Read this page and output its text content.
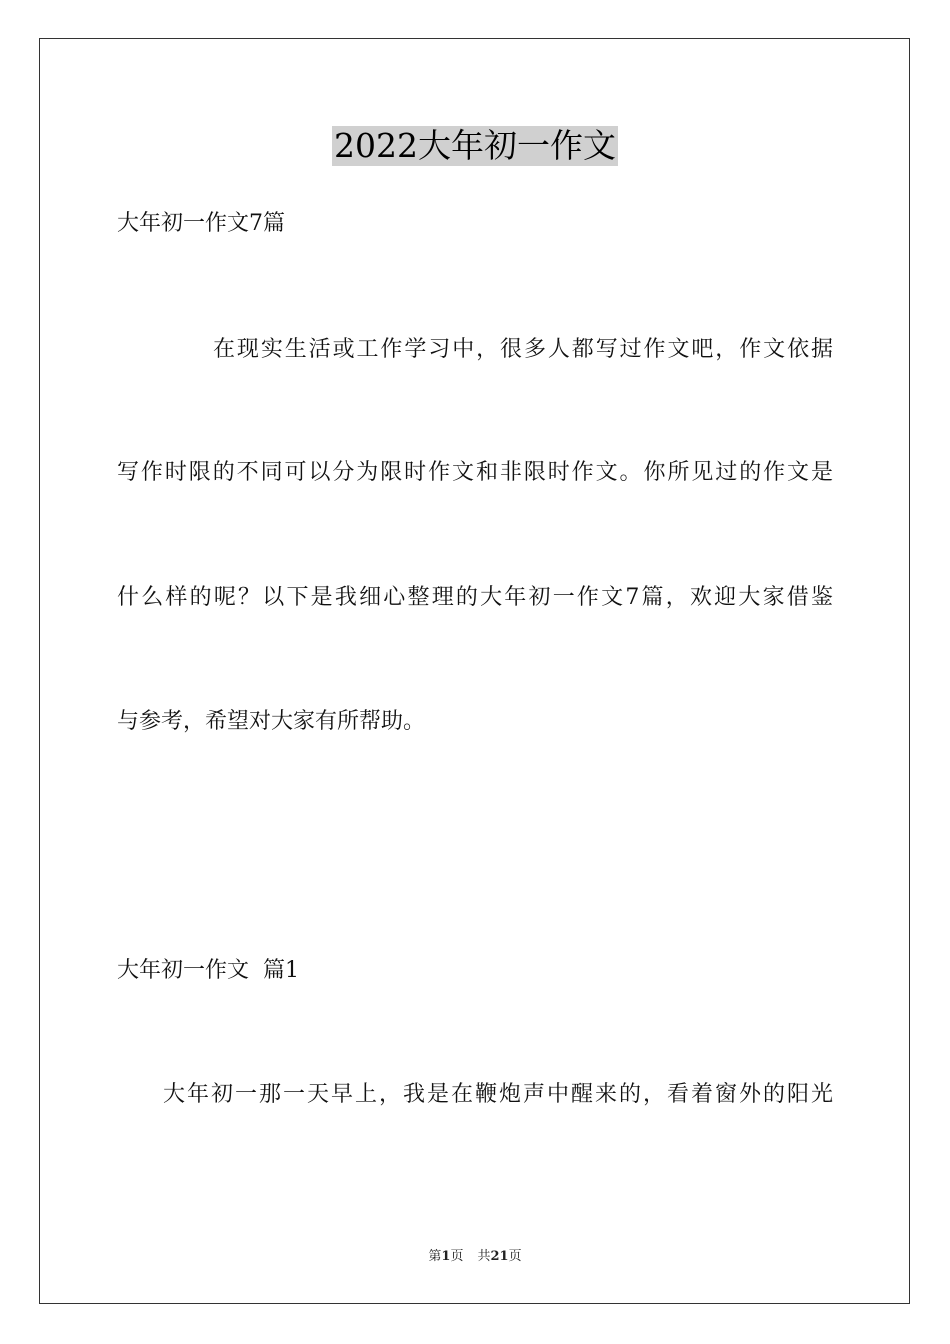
2022大年初一作文
大年初一作文7篇
在现实生活或工作学习中，很多人都写过作文吧，作文依据
写作时限的不同可以分为限时作文和非限时作文。你所见过的作文是
什么样的呢？以下是我细心整理的大年初一作文7篇，欢迎大家借鉴
与参考，希望对大家有所帮助。
大年初一作文  篇1
大年初一那一天早上，我是在鞭炮声中醒来的，看着窗外的阳光
第1页 共21页
